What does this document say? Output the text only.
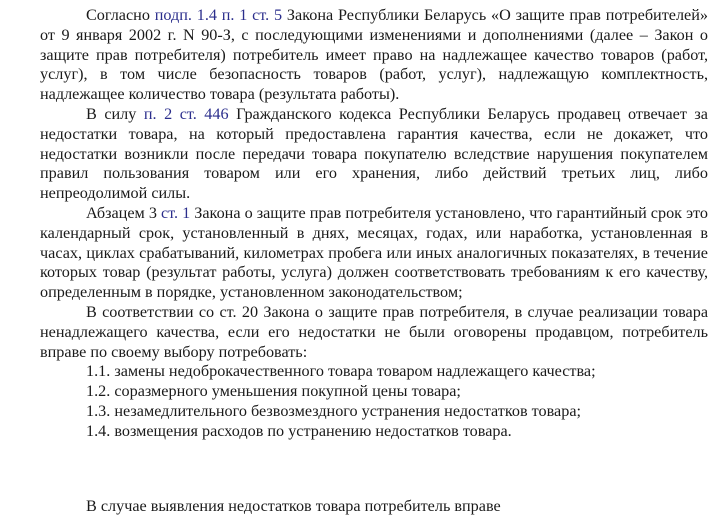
Согласно подп. 1.4 п. 1 ст. 5 Закона Республики Беларусь «О защите прав потребителей» от 9 января 2002 г. N 90-З, с последующими изменениями и дополнениями (далее – Закон о защите прав потребителя) потребитель имеет право на надлежащее качество товаров (работ, услуг), в том числе безопасность товаров (работ, услуг), надлежащую комплектность, надлежащее количество товара (результата работы).

В силу п. 2 ст. 446 Гражданского кодекса Республики Беларусь продавец отвечает за недостатки товара, на который предоставлена гарантия качества, если не докажет, что недостатки возникли после передачи товара покупателю вследствие нарушения покупателем правил пользования товаром или его хранения, либо действий третьих лиц, либо непреодолимой силы.

Абзацем 3 ст. 1 Закона о защите прав потребителя установлено, что гарантийный срок это календарный срок, установленный в днях, месяцах, годах, или наработка, установленная в часах, циклах срабатываний, километрах пробега или иных аналогичных показателях, в течение которых товар (результат работы, услуга) должен соответствовать требованиям к его качеству, определенным в порядке, установленном законодательством;

В соответствии со ст. 20 Закона о защите прав потребителя, в случае реализации товара ненадлежащего качества, если его недостатки не были оговорены продавцом, потребитель вправе по своему выбору потребовать:

1.1. замены недоброкачественного товара товаром надлежащего качества;

1.2. соразмерного уменьшения покупной цены товара;

1.3. незамедлительного безвозмездного устранения недостатков товара;

1.4. возмещения расходов по устранению недостатков товара.

В случае выявления недостатков товара потребитель вправе
